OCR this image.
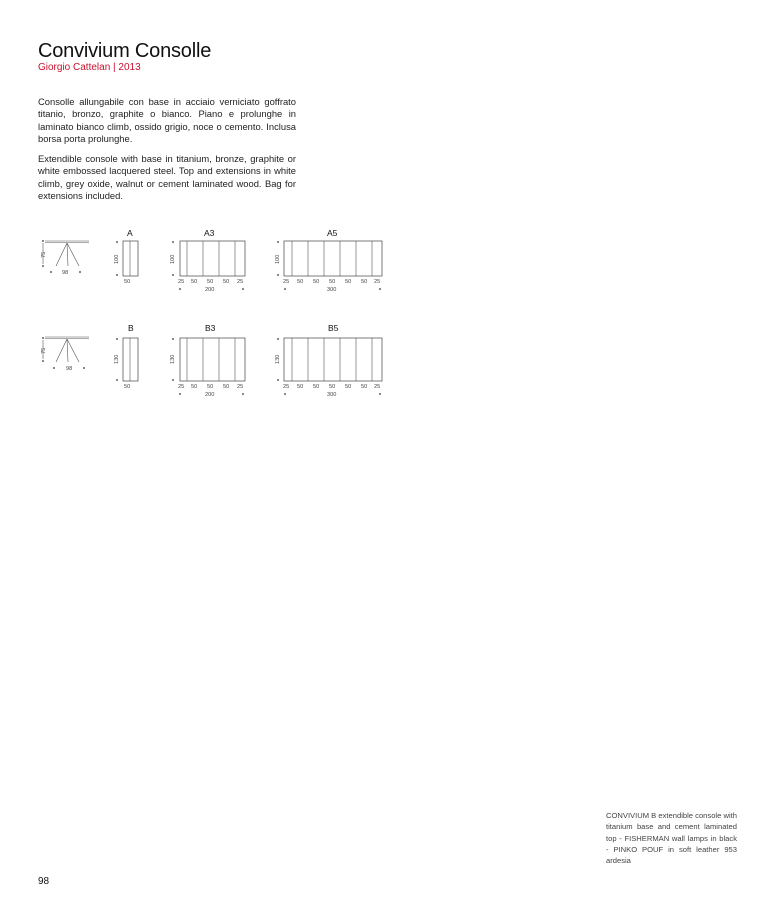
Convivium Consolle
Giorgio Cattelan | 2013
Consolle allungabile con base in acciaio verniciato goffrato titanio, bronzo, graphite o bianco. Piano e prolunghe in laminato bianco climb, ossido grigio, noce o cemento. Inclusa borsa porta prolunghe.
Extendible console with base in titanium, bronze, graphite or white embossed lacquered steel. Top and extensions in white climb, grey oxide, walnut or cement laminated wood. Bag for extensions included.
75
98
A
100
50
A3
100
25 50 50 50 25
200
A5
100
25 50 50 50 50 50 25
300
75
98
B
130
50
B3
130
25 50 50 50 25
200
B5
130
25 50 50 50 50 50 25
300
CONVIVIUM B extendible console with titanium base and cement laminated top - FISHERMAN wall lamps in black - PINKO POUF in soft leather 953 ardesia
98
